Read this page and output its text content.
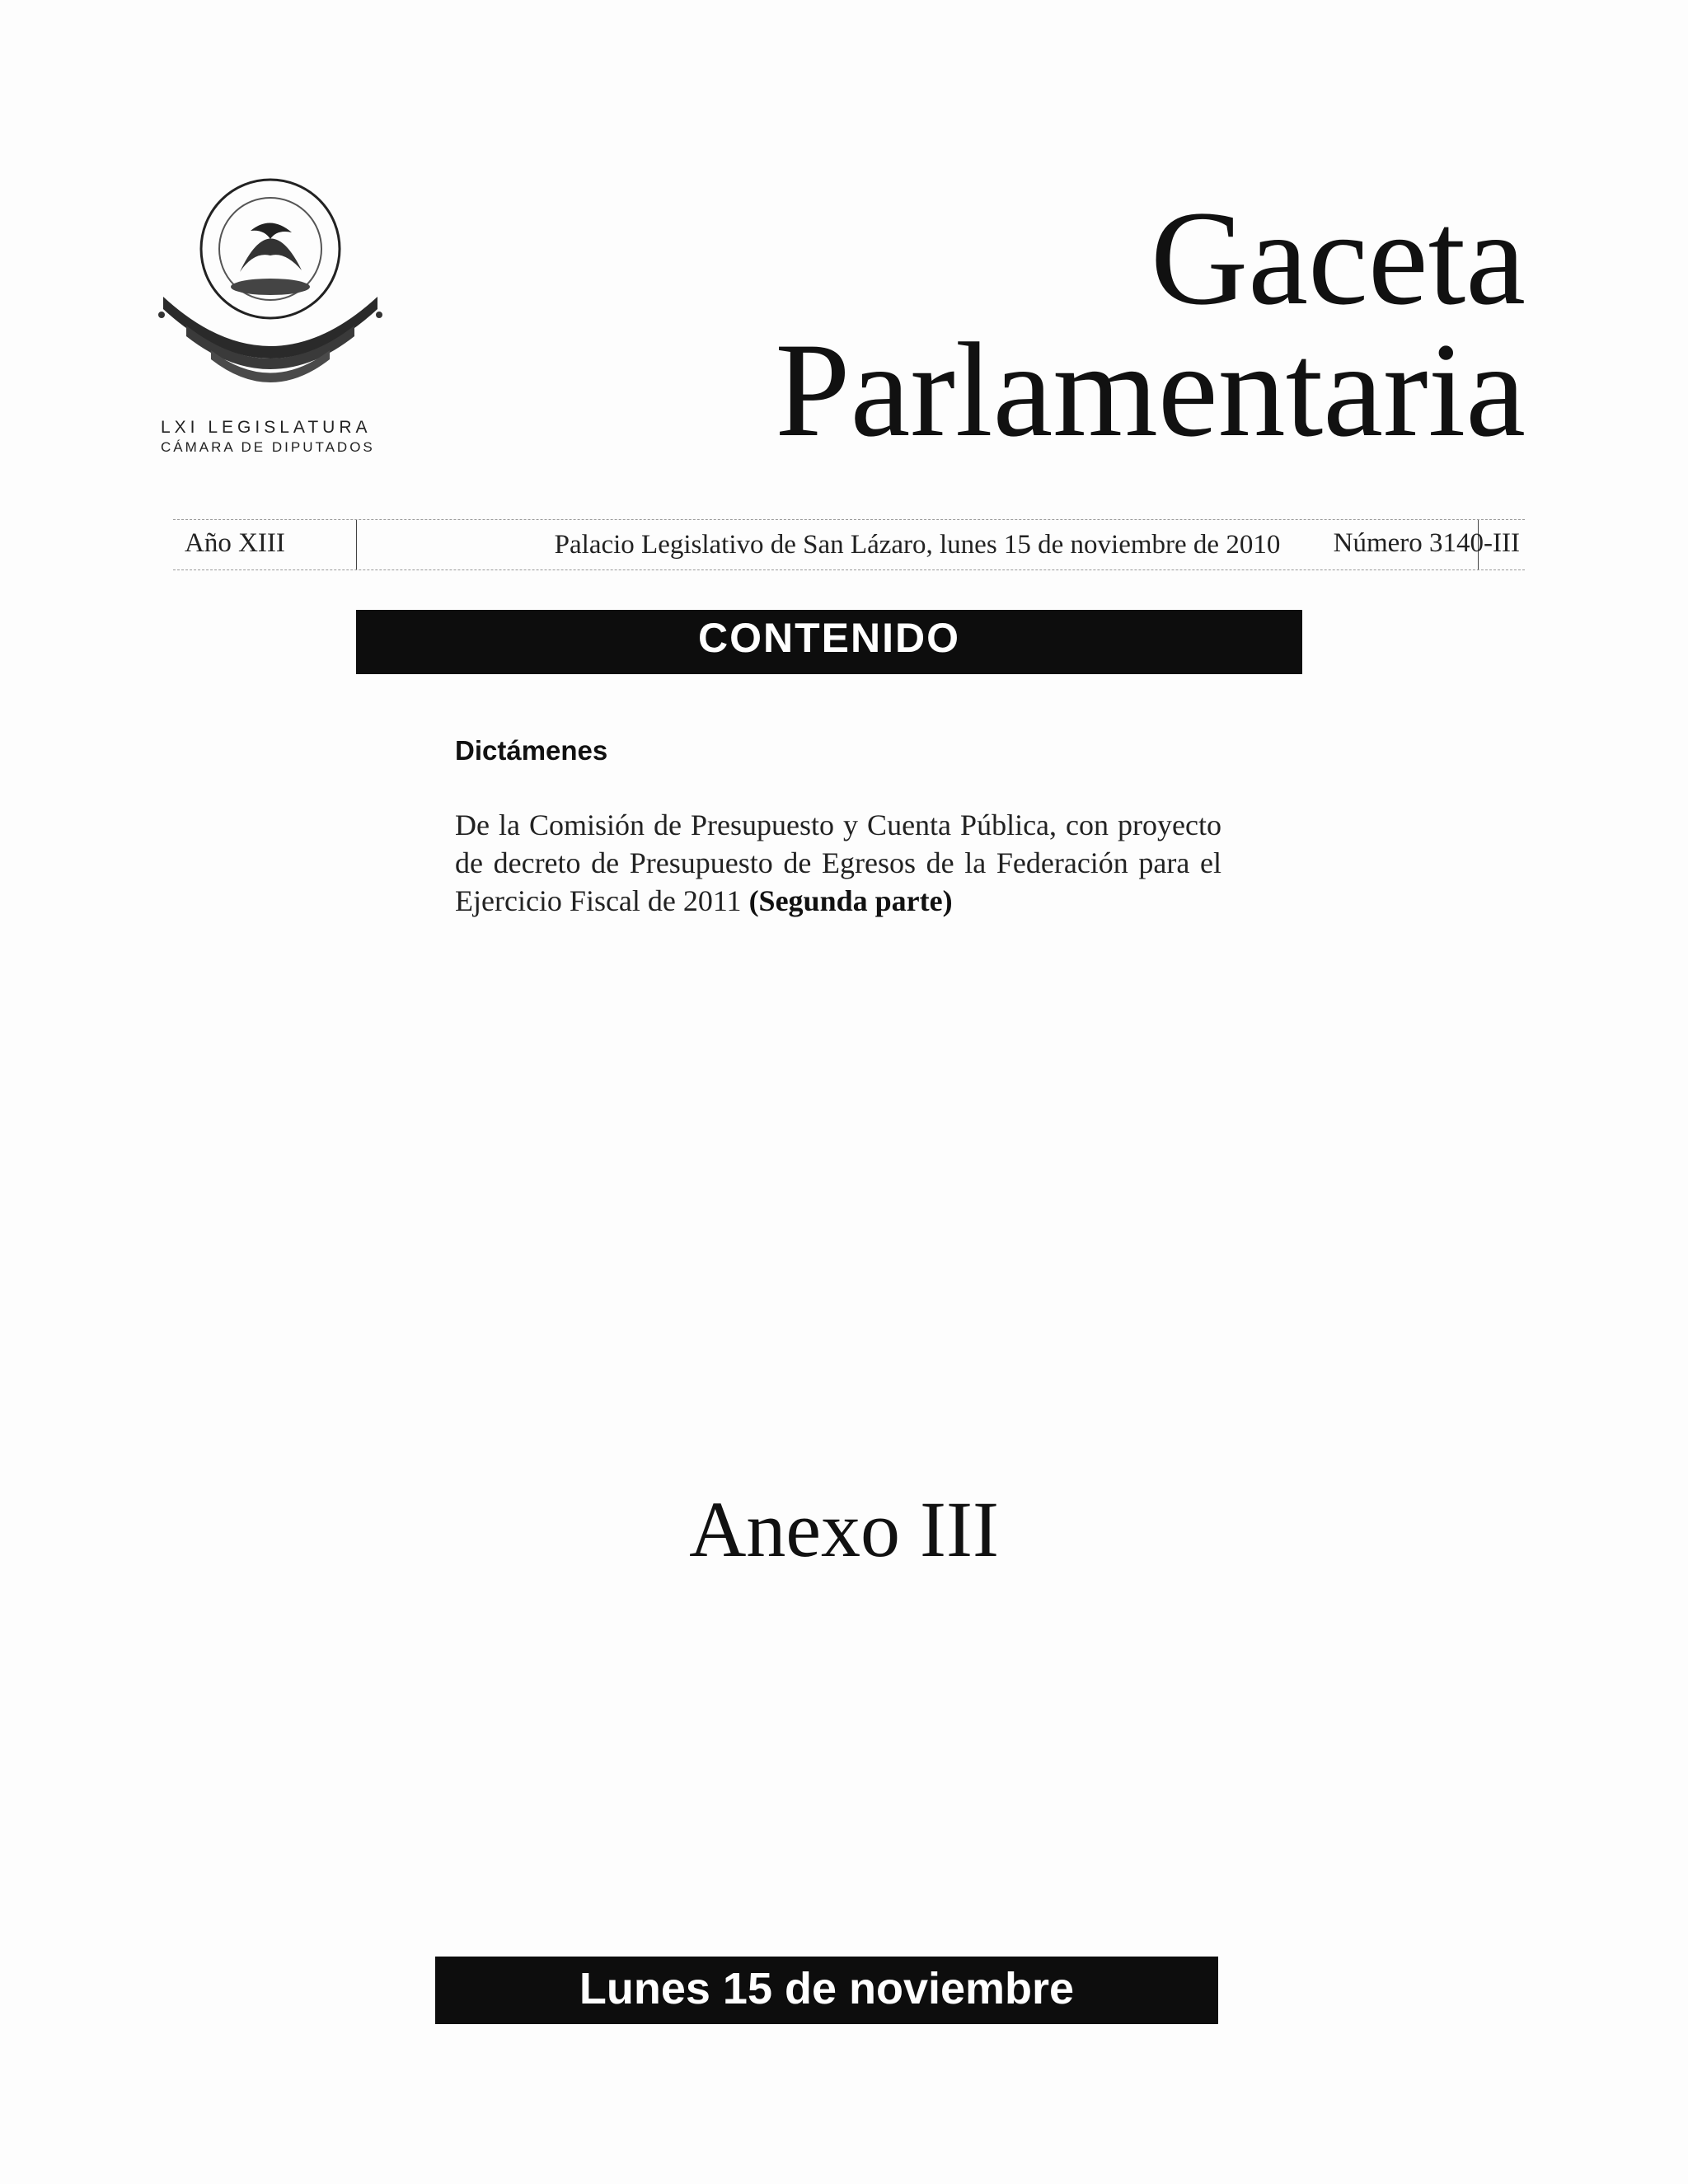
LXI LEGISLATURA
CÁMARA DE DIPUTADOS
Gaceta
Parlamentaria
Año XIII	Palacio Legislativo de San Lázaro, lunes 15 de noviembre de 2010	Número 3140-III
CONTENIDO
Dictámenes
De la Comisión de Presupuesto y Cuenta Pública, con proyecto de decreto de Presupuesto de Egresos de la Federación para el Ejercicio Fiscal de 2011 (Segunda parte)
Anexo III
Lunes 15 de noviembre
